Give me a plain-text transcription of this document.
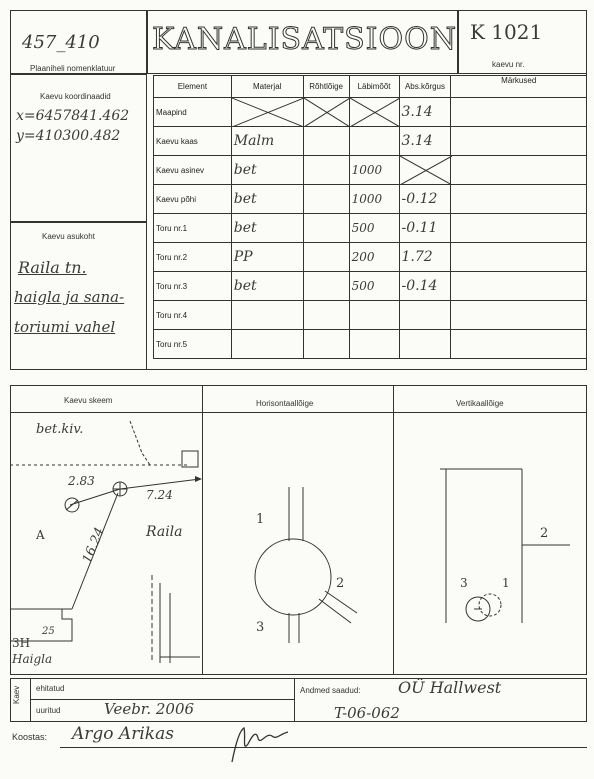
457_410
Plaaniheli nomenklatuur
KANALISATSIOON K 1021
kaevu nr.
Kaevu koordinaadid
x=6457841.462
y=410300.482
Kaevu asukoht
Raila tn.
haigla ja sana-
toriumi vahel
Element	Materjal	Rõhtlõige	Läbimõõt	Abs.kõrgus	Märkused
Maapind				3.14	
Kaevu kaas	Malm			3.14	
Kaevu asinev	bet		1000	

Kaevu põhi	bet		1000	-0.12	
Toru nr.1	bet		500	-0.11	
Toru nr.2	PP		200	1.72	
Toru nr.3	bet		500	-0.14	
Toru nr.4					
Toru nr.5					
Kaevu skeem	Horisontaallõige	Vertikaallõige
bet.kiv.
2.83
7.24
16.24
25
A	Raila
3H
Haigla
1
2
3
2
3	1
Kaev ehitatud
uuritud	Veebr. 2006
Andmed saadud: OÜ Hallwest
T-06-062
Koostas: Argo Arikas
